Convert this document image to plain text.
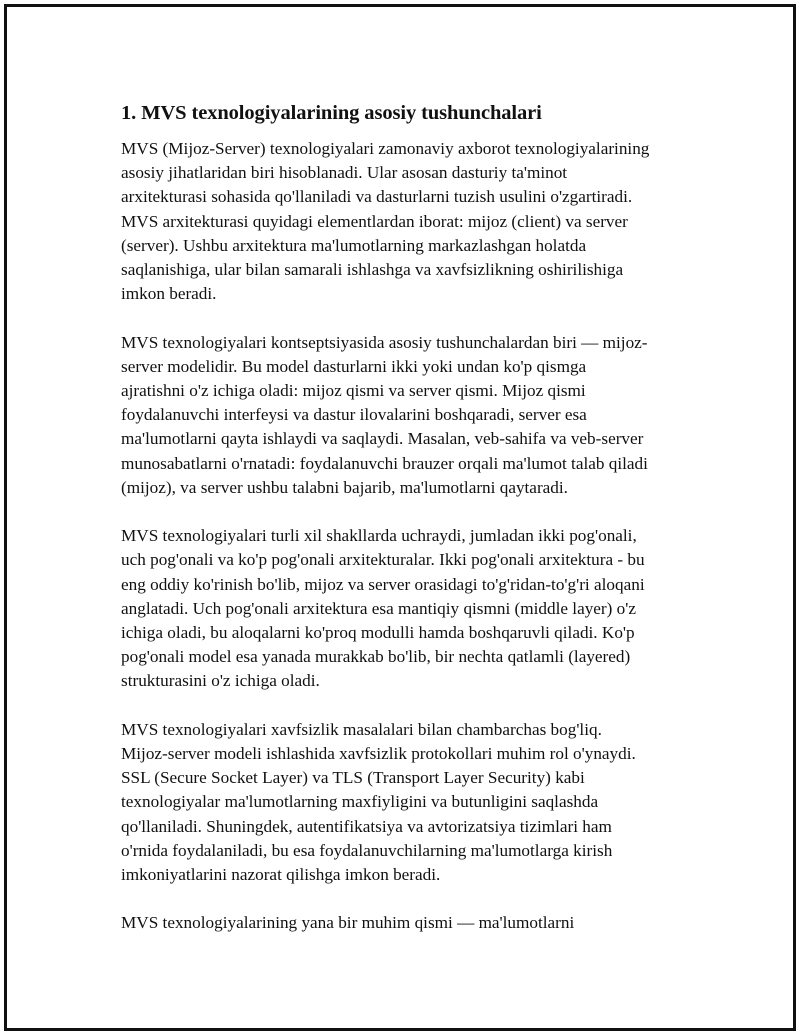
1. MVS texnologiyalarining asosiy tushunchalari
MVS (Mijoz-Server) texnologiyalari zamonaviy axborot texnologiyalarining
asosiy jihatlaridan biri hisoblanadi. Ular asosan dasturiy ta'minot
arxitekturasi sohasida qo'llaniladi va dasturlarni tuzish usulini o'zgartiradi.
MVS arxitekturasi quyidagi elementlardan iborat: mijoz (client) va server
(server). Ushbu arxitektura ma'lumotlarning markazlashgan holatda
saqlanishiga, ular bilan samarali ishlashga va xavfsizlikning oshirilishiga
imkon beradi.
MVS texnologiyalari kontseptsiyasida asosiy tushunchalardan biri — mijoz-
server modelidir. Bu model dasturlarni ikki yoki undan ko'p qismga
ajratishni o'z ichiga oladi: mijoz qismi va server qismi. Mijoz qismi
foydalanuvchi interfeysi va dastur ilovalarini boshqaradi, server esa
ma'lumotlarni qayta ishlaydi va saqlaydi. Masalan, veb-sahifa va veb-server
munosabatlarni o'rnatadi: foydalanuvchi brauzer orqali ma'lumot talab qiladi
(mijoz), va server ushbu talabni bajarib, ma'lumotlarni qaytaradi.
MVS texnologiyalari turli xil shakllarda uchraydi, jumladan ikki pog'onali,
uch pog'onali va ko'p pog'onali arxitekturalar. Ikki pog'onali arxitektura - bu
eng oddiy ko'rinish bo'lib, mijoz va server orasidagi to'g'ridan-to'g'ri aloqani
anglatadi. Uch pog'onali arxitektura esa mantiqiy qismni (middle layer) o'z
ichiga oladi, bu aloqalarni ko'proq modulli hamda boshqaruvli qiladi. Ko'p
pog'onali model esa yanada murakkab bo'lib, bir nechta qatlamli (layered)
strukturasini o'z ichiga oladi.
MVS texnologiyalari xavfsizlik masalalari bilan chambarchas bog'liq.
Mijoz-server modeli ishlashida xavfsizlik protokollari muhim rol o'ynaydi.
SSL (Secure Socket Layer) va TLS (Transport Layer Security) kabi
texnologiyalar ma'lumotlarning maxfiyligini va butunligini saqlashda
qo'llaniladi. Shuningdek, autentifikatsiya va avtorizatsiya tizimlari ham
o'rnida foydalaniladi, bu esa foydalanuvchilarning ma'lumotlarga kirish
imkoniyatlarini nazorat qilishga imkon beradi.
MVS texnologiyalarining yana bir muhim qismi — ma'lumotlarni
